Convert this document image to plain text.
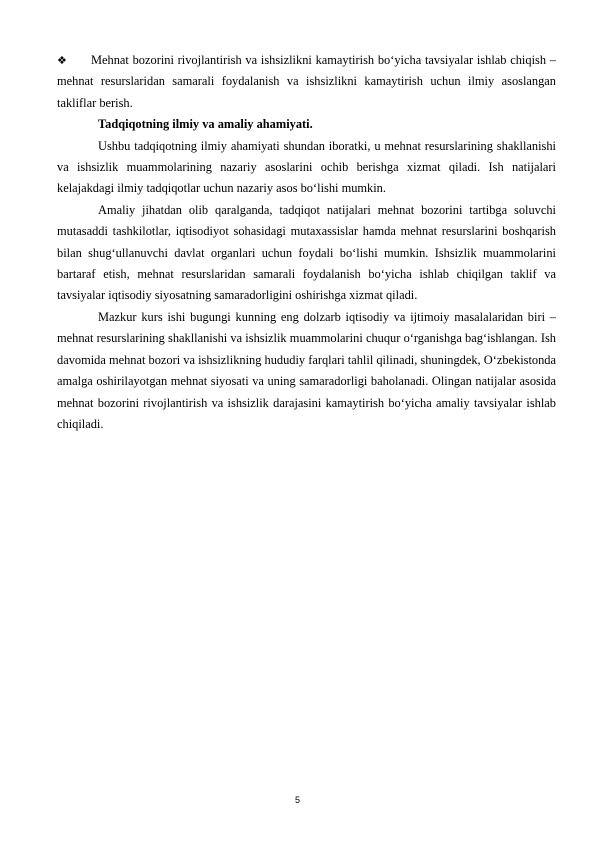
❖ Mehnat bozorini rivojlantirish va ishsizlikni kamaytirish bo‘yicha tavsiyalar ishlab chiqish – mehnat resurslaridan samarali foydalanish va ishsizlikni kamaytirish uchun ilmiy asoslangan takliflar berish.

Tadqiqotning ilmiy va amaliy ahamiyati.

Ushbu tadqiqotning ilmiy ahamiyati shundan iboratki, u mehnat resurslarining shakllanishi va ishsizlik muammolarining nazariy asoslarini ochib berishga xizmat qiladi. Ish natijalari kelajakdagi ilmiy tadqiqotlar uchun nazariy asos bo‘lishi mumkin.

Amaliy jihatdan olib qaralganda, tadqiqot natijalari mehnat bozorini tartibga soluvchi mutasaddi tashkilotlar, iqtisodiyot sohasidagi mutaxassislar hamda mehnat resurslarini boshqarish bilan shug‘ullanuvchi davlat organlari uchun foydali bo‘lishi mumkin. Ishsizlik muammolarini bartaraf etish, mehnat resurslaridan samarali foydalanish bo‘yicha ishlab chiqilgan taklif va tavsiyalar iqtisodiy siyosatning samaradorligini oshirishga xizmat qiladi.

Mazkur kurs ishi bugungi kunning eng dolzarb iqtisodiy va ijtimoiy masalalaridan biri – mehnat resurslarining shakllanishi va ishsizlik muammolarini chuqur o‘rganishga bag‘ishlangan. Ish davomida mehnat bozori va ishsizlikning hududiy farqlari tahlil qilinadi, shuningdek, O‘zbekistonda amalga oshirilayotgan mehnat siyosati va uning samaradorligi baholanadi. Olingan natijalar asosida mehnat bozorini rivojlantirish va ishsizlik darajasini kamaytirish bo‘yicha amaliy tavsiyalar ishlab chiqiladi.

5
